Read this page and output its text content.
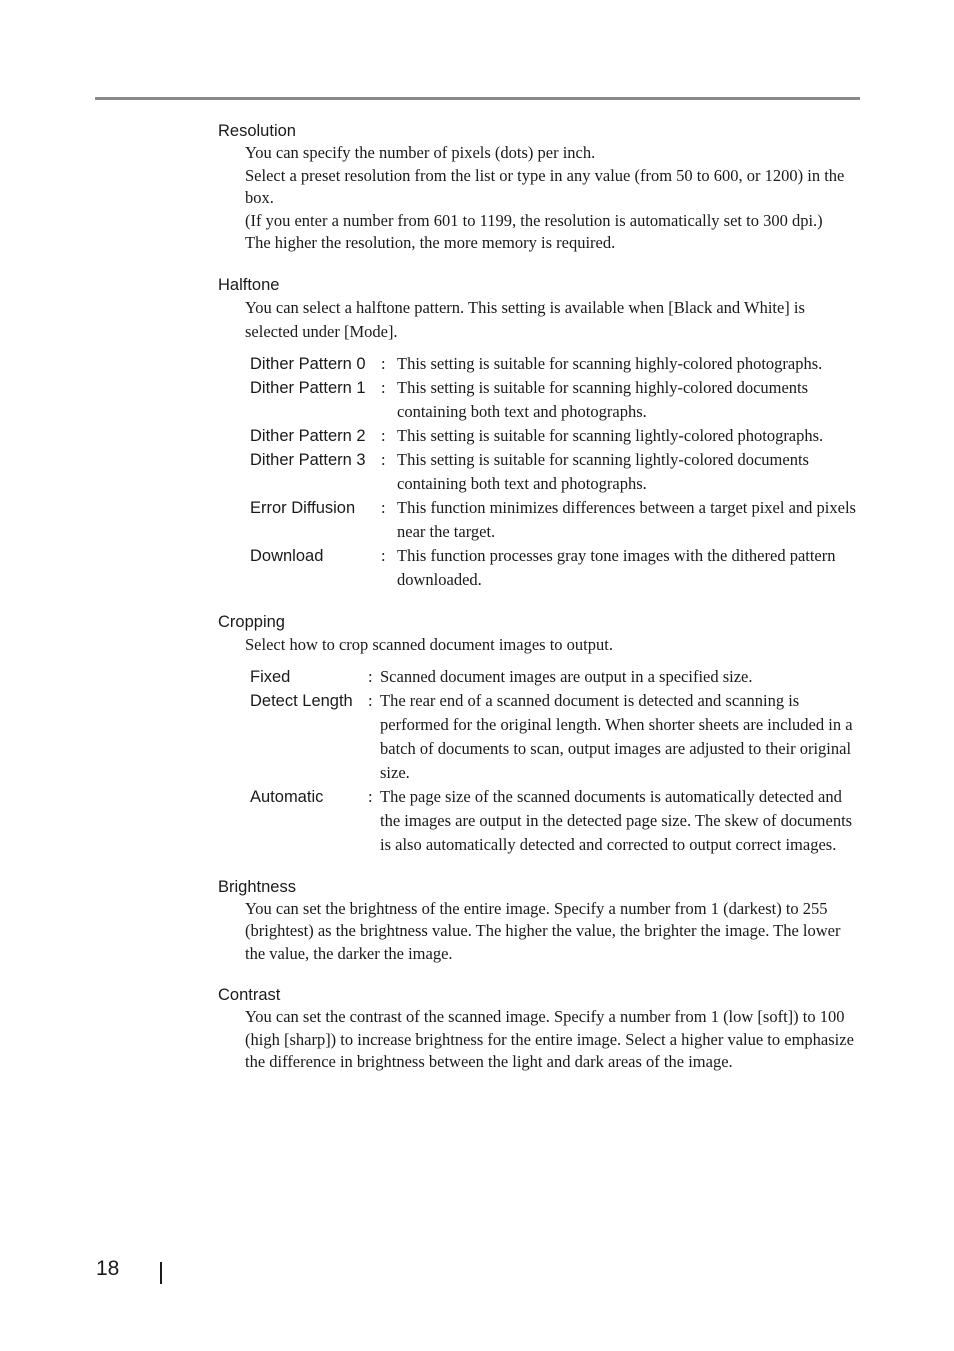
Resolution
You can specify the number of pixels (dots) per inch.
Select a preset resolution from the list or type in any value (from 50 to 600, or 1200) in the box.
(If you enter a number from 601 to 1199, the resolution is automatically set to 300 dpi.)
The higher the resolution, the more memory is required.
Halftone
You can select a halftone pattern. This setting is available when [Black and White] is selected under [Mode].
Dither Pattern 0 : This setting is suitable for scanning highly-colored photographs.
Dither Pattern 1 : This setting is suitable for scanning highly-colored documents containing both text and photographs.
Dither Pattern 2 : This setting is suitable for scanning lightly-colored photographs.
Dither Pattern 3 : This setting is suitable for scanning lightly-colored documents containing both text and photographs.
Error Diffusion	: This function minimizes differences between a target pixel and pixels near the target.
Download	: This function processes gray tone images with the dithered pattern downloaded.
Cropping
Select how to crop scanned document images to output.
Fixed	: Scanned document images are output in a specified size.
Detect Length : The rear end of a scanned document is detected and scanning is performed for the original length. When shorter sheets are included in a batch of documents to scan, output images are adjusted to their original size.
Automatic	: The page size of the scanned documents is automatically detected and the images are output in the detected page size. The skew of documents is also automatically detected and corrected to output correct images.
Brightness
You can set the brightness of the entire image. Specify a number from 1 (darkest) to 255 (brightest) as the brightness value. The higher the value, the brighter the image. The lower the value, the darker the image.
Contrast
You can set the contrast of the scanned image. Specify a number from 1 (low [soft]) to 100 (high [sharp]) to increase brightness for the entire image. Select a higher value to emphasize the difference in brightness between the light and dark areas of the image.
18
